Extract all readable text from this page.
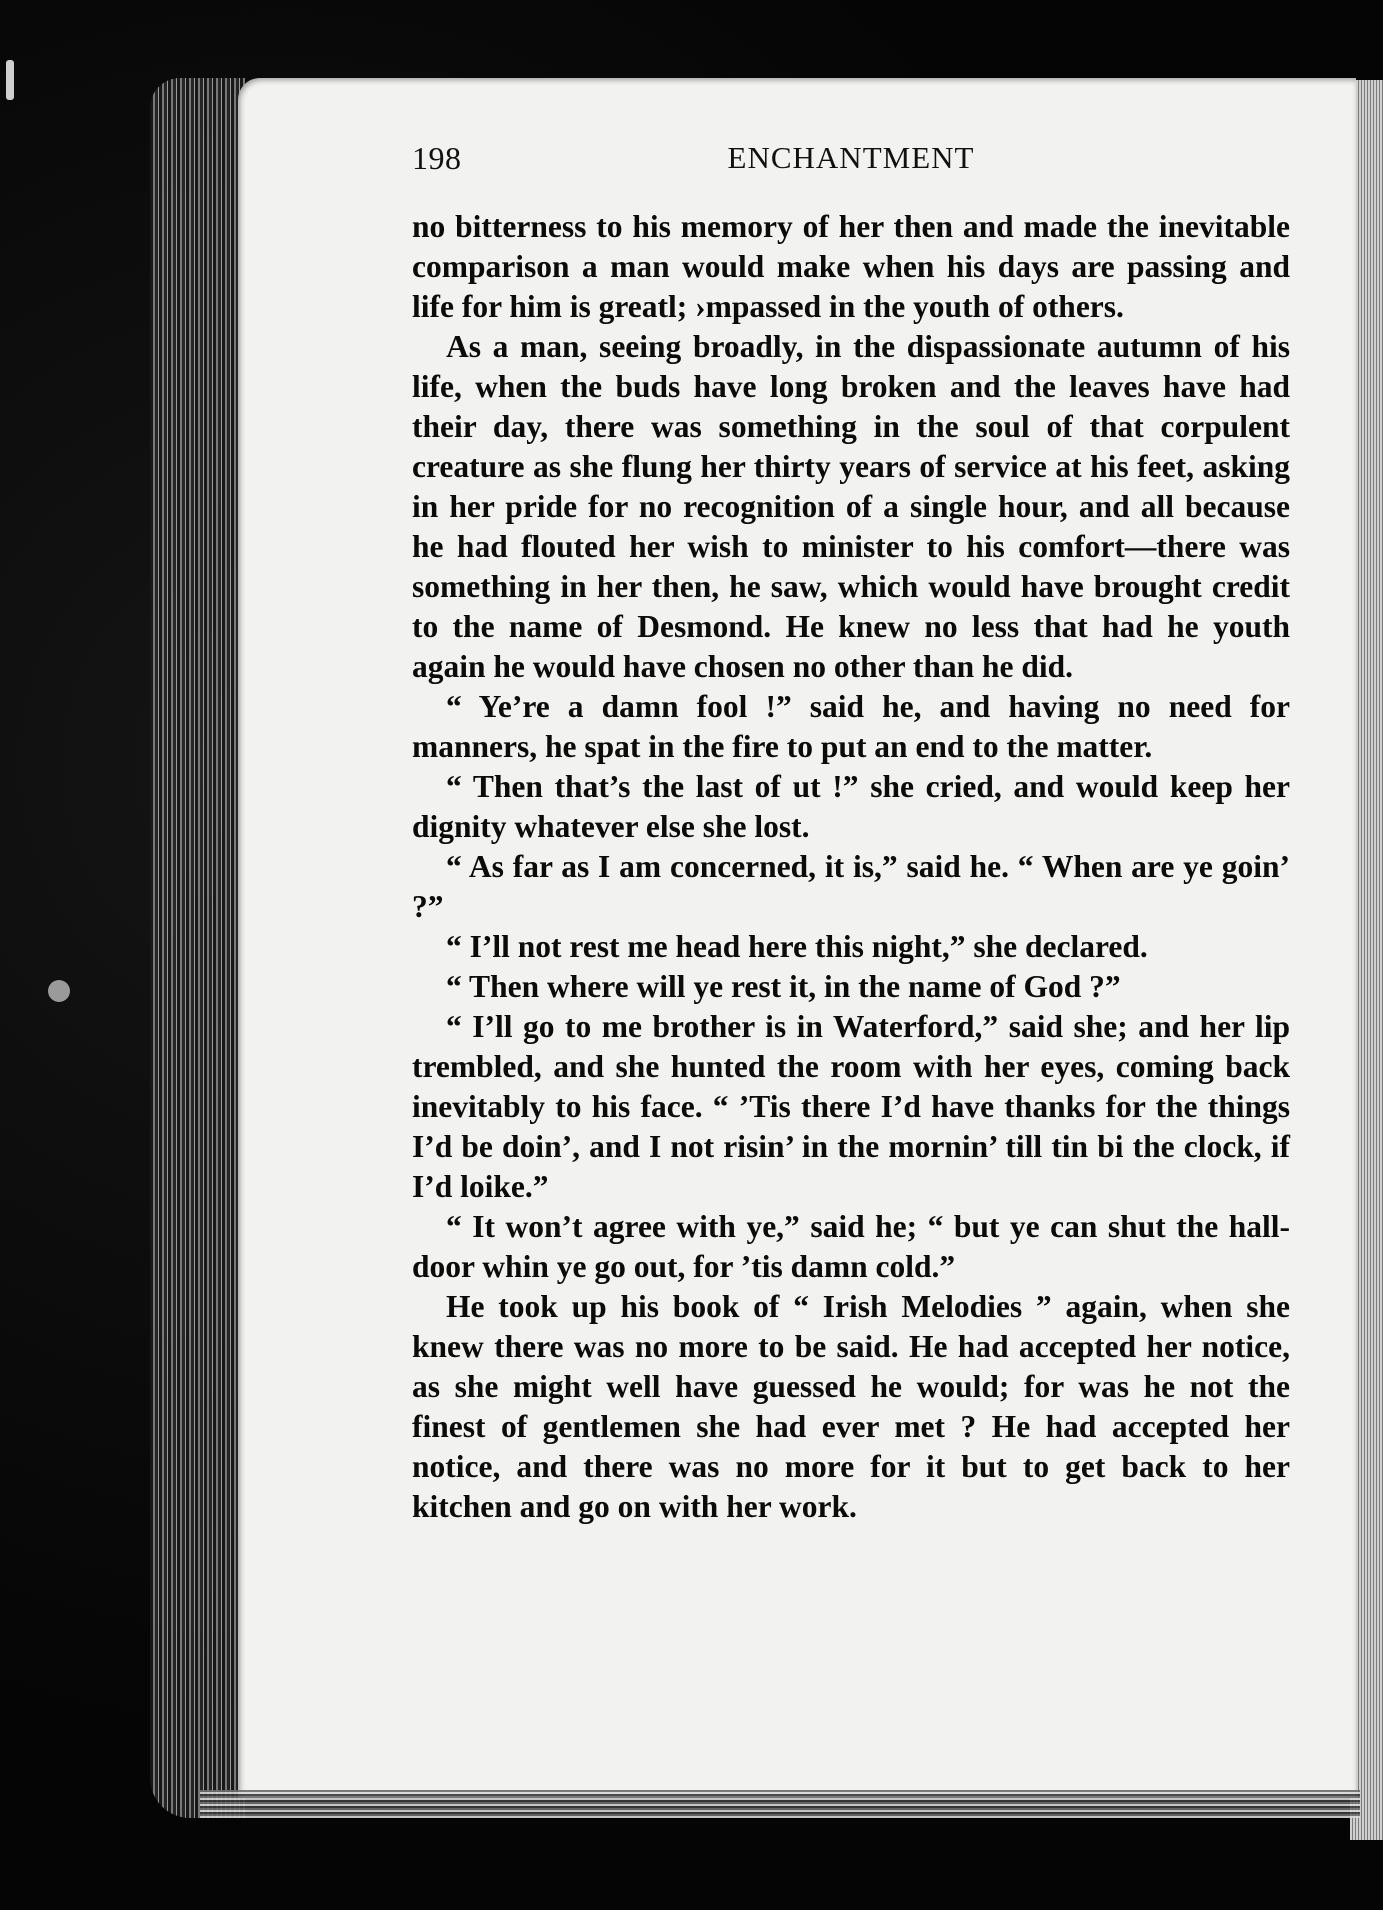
198	ENCHANTMENT

no bitterness to his memory of her then and made the inevitable comparison a man would make when his days are passing and life for him is greatl; ›mpassed in the youth of others.

As a man, seeing broadly, in the dispassionate autumn of his life, when the buds have long broken and the leaves have had their day, there was something in the soul of that corpulent creature as she flung her thirty years of service at his feet, asking in her pride for no recognition of a single hour, and all because he had flouted her wish to minister to his comfort—there was something in her then, he saw, which would have brought credit to the name of Desmond. He knew no less that had he youth again he would have chosen no other than he did.

“ Ye’re a damn fool !” said he, and having no need for manners, he spat in the fire to put an end to the matter.

“ Then that’s the last of ut !” she cried, and would keep her dignity whatever else she lost.

“ As far as I am concerned, it is,” said he. “ When are ye goin’ ?”

“ I’ll not rest me head here this night,” she declared.

“ Then where will ye rest it, in the name of God ?”

“ I’ll go to me brother is in Waterford,” said she; and her lip trembled, and she hunted the room with her eyes, coming back inevitably to his face. “ ’Tis there I’d have thanks for the things I’d be doin’, and I not risin’ in the mornin’ till tin bi the clock, if I’d loike.”

“ It won’t agree with ye,” said he; “ but ye can shut the hall-door whin ye go out, for ’tis damn cold.”

He took up his book of “ Irish Melodies ” again, when she knew there was no more to be said. He had accepted her notice, as she might well have guessed he would; for was he not the finest of gentlemen she had ever met ? He had accepted her notice, and there was no more for it but to get back to her kitchen and go on with her work.
